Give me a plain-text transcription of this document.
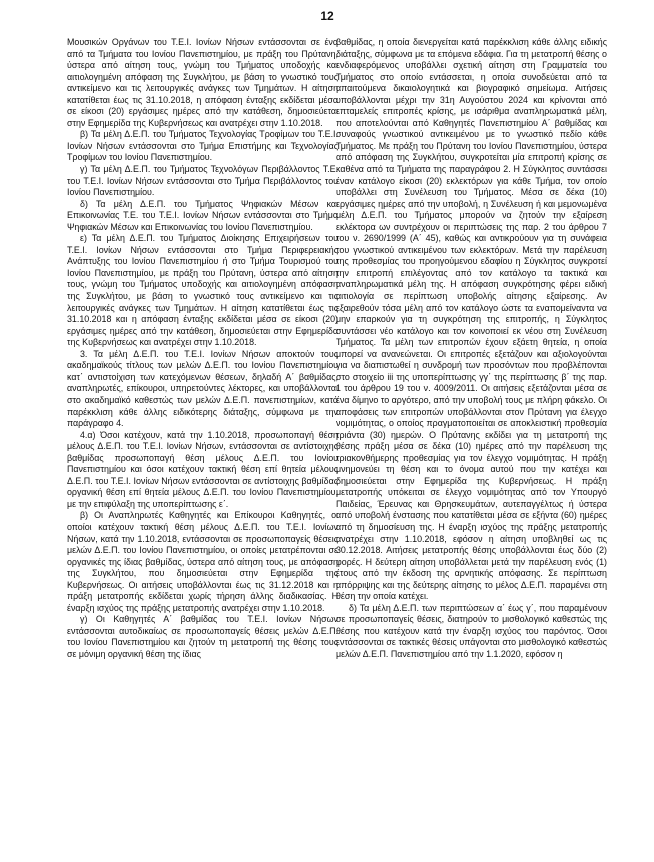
12

Μουσικών Οργάνων του Τ.Ε.Ι. Ιονίων Νήσων εντάσσονται σε ένα από τα Τμήματα του Ιονίου Πανεπιστημίου, με πράξη του Πρύτανη, ύστερα από αίτηση τους, γνώμη του Τμήματος υποδοχής και αιτιολογημένη απόφαση της Συγκλήτου, με βάση το γνωστικό τους αντικείμενο και τις λειτουργικές ανάγκες των Τμημάτων. Η αίτηση κατατίθεται έως τις 31.10.2018, η απόφαση ένταξης εκδίδεται μέσα σε είκοσι (20) εργάσιμες ημέρες από την κατάθεση, δημοσιεύεται στην Εφημερίδα της Κυβερνήσεως και ανατρέχει στην 1.10.2018.

β) Τα μέλη Δ.Ε.Π. του Τμήματος Τεχνολογίας Τροφίμων του Τ.Ε.Ι. Ιονίων Νήσων εντάσσονται στο Τμήμα Επιστήμης και Τεχνολογίας Τροφίμων του Ιονίου Πανεπιστημίου.

γ) Τα μέλη Δ.Ε.Π. του Τμήματος Τεχνολόγων Περιβάλλοντος Τ.Ε. του Τ.Ε.Ι. Ιονίων Νήσων εντάσσονται στο Τμήμα Περιβάλλοντος του Ιονίου Πανεπιστημίου.

δ) Τα μέλη Δ.Ε.Π. του Τμήματος Ψηφιακών Μέσων και Επικοινωνίας Τ.Ε. του Τ.Ε.Ι. Ιονίων Νήσων εντάσσονται στο Τμήμα Ψηφιακών Μέσων και Επικοινωνίας του Ιονίου Πανεπιστημίου.

ε) Τα μέλη Δ.Ε.Π. του Τμήματος Διοίκησης Επιχειρήσεων του Τ.Ε.Ι. Ιονίων Νήσων εντάσσονται στο Τμήμα Περιφερειακής Ανάπτυξης του Ιονίου Πανεπιστημίου ή στο Τμήμα Τουρισμού του Ιονίου Πανεπιστημίου, με πράξη του Πρύτανη, ύστερα από αίτηση τους, γνώμη του Τμήματος υποδοχής και αιτιολογημένη απόφαση της Συγκλήτου, με βάση το γνωστικό τους αντικείμενο και τις λειτουργικές ανάγκες των Τμημάτων. Η αίτηση κατατίθεται έως τις 31.10.2018 και η απόφαση ένταξης εκδίδεται μέσα σε είκοσι (20) εργάσιμες ημέρες από την κατάθεση, δημοσιεύεται στην Εφημερίδα της Κυβερνήσεως και ανατρέχει στην 1.10.2018.

3. Τα μέλη Δ.Ε.Π. του Τ.Ε.Ι. Ιονίων Νήσων αποκτούν τους ακαδημαϊκούς τίτλους των μελών Δ.Ε.Π. του Ιονίου Πανεπιστημίου κατ΄ αντιστοίχιση των κατεχόμενων θέσεων, δηλαδή Α΄ βαθμίδας, αναπληρωτές, επίκουροι, υπηρετούντες λέκτορες, και υποβάλλονται στο ακαδημαϊκό καθεστώς των μελών Δ.Ε.Π. πανεπιστημίων, κατά παρέκκλιση κάθε άλλης ειδικότερης διάταξης, σύμφωνα με την παράγραφο 4.

4.α) Όσοι κατέχουν, κατά την 1.10.2018, προσωποπαγή θέση μέλους Δ.Ε.Π. του Τ.Ε.Ι. Ιονίων Νήσων, εντάσσονται σε αντίστοιχης βαθμίδας προσωποπαγή θέση μέλους Δ.Ε.Π. του Ιονίου Πανεπιστημίου και όσοι κατέχουν τακτική θέση επί θητεία μέλους Δ.Ε.Π. του Τ.Ε.Ι. Ιονίων Νήσων εντάσσονται σε αντίστοιχης βαθμίδας οργανική θέση επί θητεία μέλους Δ.Ε.Π. του Ιονίου Πανεπιστημίου, με την επιφύλαξη της υποπερίπτωσης ε΄.

β) Οι Αναπληρωτές Καθηγητές και Επίκουροι Καθηγητές, οι οποίοι κατέχουν τακτική θέση μέλους Δ.Ε.Π. του Τ.Ε.Ι. Ιονίων Νήσων, κατά την 1.10.2018, εντάσσονται σε προσωποπαγείς θέσεις μελών Δ.Ε.Π. του Ιονίου Πανεπιστημίου, οι οποίες μετατρέπονται σε οργανικές της ίδιας βαθμίδας, ύστερα από αίτηση τους, με απόφαση της Συγκλήτου, που δημοσιεύεται στην Εφημερίδα της Κυβερνήσεως. Οι αιτήσεις υποβάλλονται έως τις 31.12.2018 και η πράξη μετατροπής εκδίδεται χωρίς τήρηση άλλης διαδικασίας. Η έναρξη ισχύος της πράξης μετατροπής ανατρέχει στην 1.10.2018.

γ) Οι Καθηγητές Α΄ βαθμίδας του Τ.Ε.Ι. Ιονίων Νήσων εντάσσονται αυτοδικαίως σε προσωποπαγείς θέσεις μελών Δ.Ε.Π. του Ιονίου Πανεπιστημίου και ζητούν τη μετατροπή της θέσης τους σε μόνιμη οργανική θέση της ίδιας

βαθμίδας, η οποία διενεργείται κατά παρέκκλιση κάθε άλλης ειδικής διάταξης, σύμφωνα με τα επόμενα εδάφια. Για τη μετατροπή θέσης ο ενδιαφερόμενος υποβάλλει σχετική αίτηση στη Γραμματεία του Τμήματος στο οποίο εντάσσεται, η οποία συνοδεύεται από τα απαιτούμενα δικαιολογητικά και βιογραφικό σημείωμα. Αιτήσεις υποβάλλονται μέχρι την 31η Αυγούστου 2024 και κρίνονται από επταμελείς επιτροπές κρίσης, με ισάριθμα αναπληρωματικά μέλη, που αποτελούνται από Καθηγητές Πανεπιστημίου Α΄ βαθμίδας και συναφούς γνωστικού αντικειμένου με το γνωστικό πεδίο κάθε Τμήματος. Με πράξη του Πρύτανη του Ιονίου Πανεπιστημίου, ύστερα από απόφαση της Συγκλήτου, συγκροτείται μία επιτροπή κρίσης σε καθένα από τα Τμήματα της παραγράφου 2. Η Σύγκλητος συντάσσει έναν κατάλογο είκοσι (20) εκλεκτόρων για κάθε Τμήμα, τον οποίο υποβάλλει στη Συνέλευση του Τμήματος. Μέσα σε δέκα (10) εργάσιμες ημέρες από την υποβολή, η Συνέλευση ή και μεμονωμένα μέλη Δ.Ε.Π. του Τμήματος μπορούν να ζητούν την εξαίρεση εκλέκτορα ων συντρέχουν οι περιπτώσεις της παρ. 2 του άρθρου 7 του ν. 2690/1999 (Α΄ 45), καθώς και αντικρούουν για τη συνάφεια του γνωστικού αντικειμένου των εκλεκτόρων. Μετά την παρέλευση της προθεσμίας του προηγούμενου εδαφίου η Σύγκλητος συγκροτεί την επιτροπή επιλέγοντας από τον κατάλογο τα τακτικά και αναπληρωματικά μέλη της. Η απόφαση συγκρότησης φέρει ειδική αιτιολογία σε περίπτωση υποβολής αίτησης εξαίρεσης. Αν εξαιρεθούν τόσα μέλη από τον κατάλογο ώστε τα εναπομείναντα να μην επαρκούν για τη συγκρότηση της επιτροπής, η Σύγκλητος συντάσσει νέο κατάλογο και τον κοινοποιεί εκ νέου στη Συνέλευση Τμήματος. Τα μέλη των επιτροπών έχουν εξάετη θητεία, η οποία μπορεί να ανανεώνεται. Οι επιτροπές εξετάζουν και αξιολογούνται για να διαπιστωθεί η συνδρομή των προσόντων που προβλέπονται στο στοιχείο iii της υποπερίπτωσης γγ΄ της περίπτωσης β΄ της παρ. 1 του άρθρου 19 του ν. 4009/2011. Οι αιτήσεις εξετάζονται μέσα σε ένα δίμηνο το αργότερο, από την υποβολή τους με πλήρη φάκελο. Οι αποφάσεις των επιτροπών υποβάλλονται στον Πρύτανη για έλεγχο νομιμότητας, ο οποίος πραγματοποιείται σε αποκλειστική προθεσμία τριάντα (30) ημερών. Ο Πρύτανης εκδίδει για τη μετατροπή της θέσης πράξη μέσα σε δέκα (10) ημέρες από την παρέλευση της τριακονθήμερης προθεσμίας για τον έλεγχο νομιμότητας. Η πράξη μνημονεύει τη θέση και το όνομα αυτού που την κατέχει και δημοσιεύεται στην Εφημερίδα της Κυβερνήσεως. Η πράξη μετατροπής υπόκειται σε έλεγχο νομιμότητας από τον Υπουργό Παιδείας, Έρευνας και Θρησκευμάτων, αυτεπαγγέλτως ή ύστερα από υποβολή ένστασης που κατατίθεται μέσα σε εξήντα (60) ημέρες από τη δημοσίευση της. Η έναρξη ισχύος της πράξης μετατροπής ανατρέχει στην 1.10.2018, εφόσον η αίτηση υποβληθεί ως τις 30.12.2018. Αιτήσεις μετατροπής θέσης υποβάλλονται έως δύο (2) φορές. Η δεύτερη αίτηση υποβάλλεται μετά την παρέλευση ενός (1) έτους από την έκδοση της αρνητικής απόφασης. Σε περίπτωση απόρριψης και της δεύτερης αίτησης το μέλος Δ.Ε.Π. παραμένει στη θέση την οποία κατέχει.

δ) Τα μέλη Δ.Ε.Π. των περιπτώσεων α΄ έως γ΄, που παραμένουν σε προσωποπαγείς θέσεις, διατηρούν το μισθολογικό καθεστώς της θέσης που κατέχουν κατά την έναρξη ισχύος του παρόντος. Όσοι εντάσσονται σε τακτικές θέσεις υπάγονται στο μισθολογικό καθεστώς μελών Δ.Ε.Π. Πανεπιστημίου από την 1.1.2020, εφόσον η
